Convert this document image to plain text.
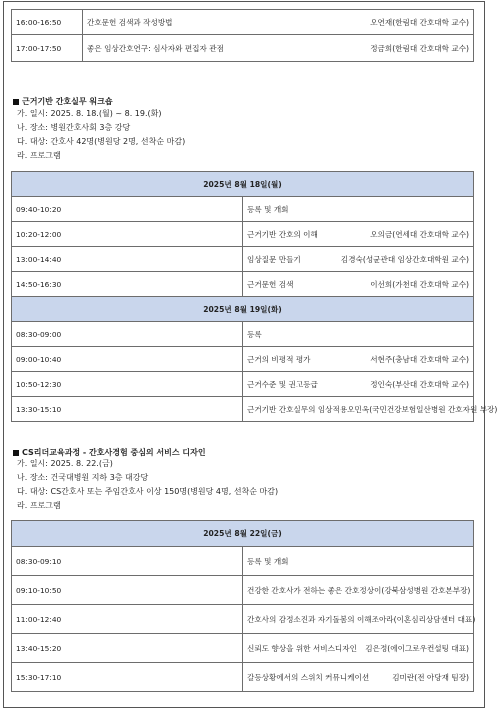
16:00-16:50	간호문헌 검색과 작성방법 오연재(한림대 간호대학 교수)

17:00-17:50	좋은 임상간호연구: 심사자와 편집자 관점 정금희(한림대 간호대학 교수)
근거기반 간호실무 워크숍
가. 일시: 2025. 8. 18.(월) ~ 8. 19.(화)
나. 장소: 병원간호사회 3층 강당
다. 대상: 간호사 42명(병원당 2명, 선착순 마감)
라. 프로그램
2025년 8월 18일(월)	
09:40-10:20	등록 및 개회

10:20-12:00	근거기반 간호의 이해 오의금(연세대 간호대학 교수)

13:00-14:40	임상질문 만들기 김경숙(성균관대 임상간호대학원 교수)

14:50-16:30	근거문헌 검색 이선희(가천대 간호대학 교수)

2025년 8월 19일(화)	
08:30-09:00	등록

09:00-10:40	근거의 비평적 평가 서현주(충남대 간호대학 교수)

10:50-12:30	근거수준 및 권고등급 정인숙(부산대 간호대학 교수)

13:30-15:10	근거기반 간호실무의 임상적용 오민옥(국민건강보험일산병원 간호자원 부장)
CS리더교육과정 - 간호사경험 중심의 서비스 디자인
가. 일시: 2025. 8. 22.(금)
나. 장소: 건국대병원 지하 3층 대강당
다. 대상: CS간호사 또는 주임간호사 이상 150명(병원당 4명, 선착순 마감)
라. 프로그램
2025년 8월 22일(금)	
08:30-09:10	등록 및 개회

09:10-10:50	건강한 간호사가 전하는 좋은 간호 정상이(강북삼성병원 간호본부장)

11:00-12:40	간호사의 감정소진과 자기돌봄의 이해 조아라(이혼심리상담센터 대표)

13:40-15:20	신뢰도 향상을 위한 서비스디자인 김은정(에이그로우컨설팅 대표)

15:30-17:10	갈등상황에서의 스위치 커뮤니케이션 김미란(전 아당재 팀장)
